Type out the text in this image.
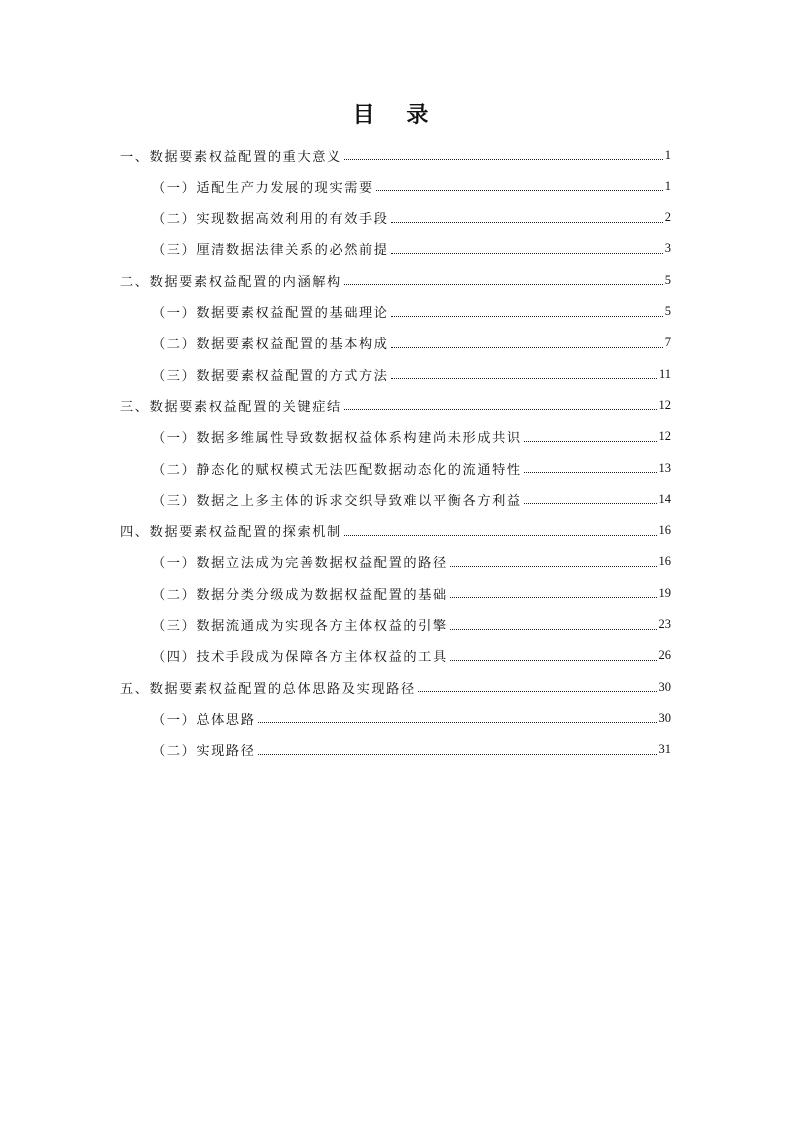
目 录
一、数据要素权益配置的重大意义	1
（一）适配生产力发展的现实需要	1
（二）实现数据高效利用的有效手段	2
（三）厘清数据法律关系的必然前提	3
二、数据要素权益配置的内涵解构	5
（一）数据要素权益配置的基础理论	5
（二）数据要素权益配置的基本构成	7
（三）数据要素权益配置的方式方法	11
三、数据要素权益配置的关键症结	12
（一）数据多维属性导致数据权益体系构建尚未形成共识	12
（二）静态化的赋权模式无法匹配数据动态化的流通特性	13
（三）数据之上多主体的诉求交织导致难以平衡各方利益	14
四、数据要素权益配置的探索机制	16
（一）数据立法成为完善数据权益配置的路径	16
（二）数据分类分级成为数据权益配置的基础	19
（三）数据流通成为实现各方主体权益的引擎	23
（四）技术手段成为保障各方主体权益的工具	26
五、数据要素权益配置的总体思路及实现路径	30
（一）总体思路	30
（二）实现路径	31
